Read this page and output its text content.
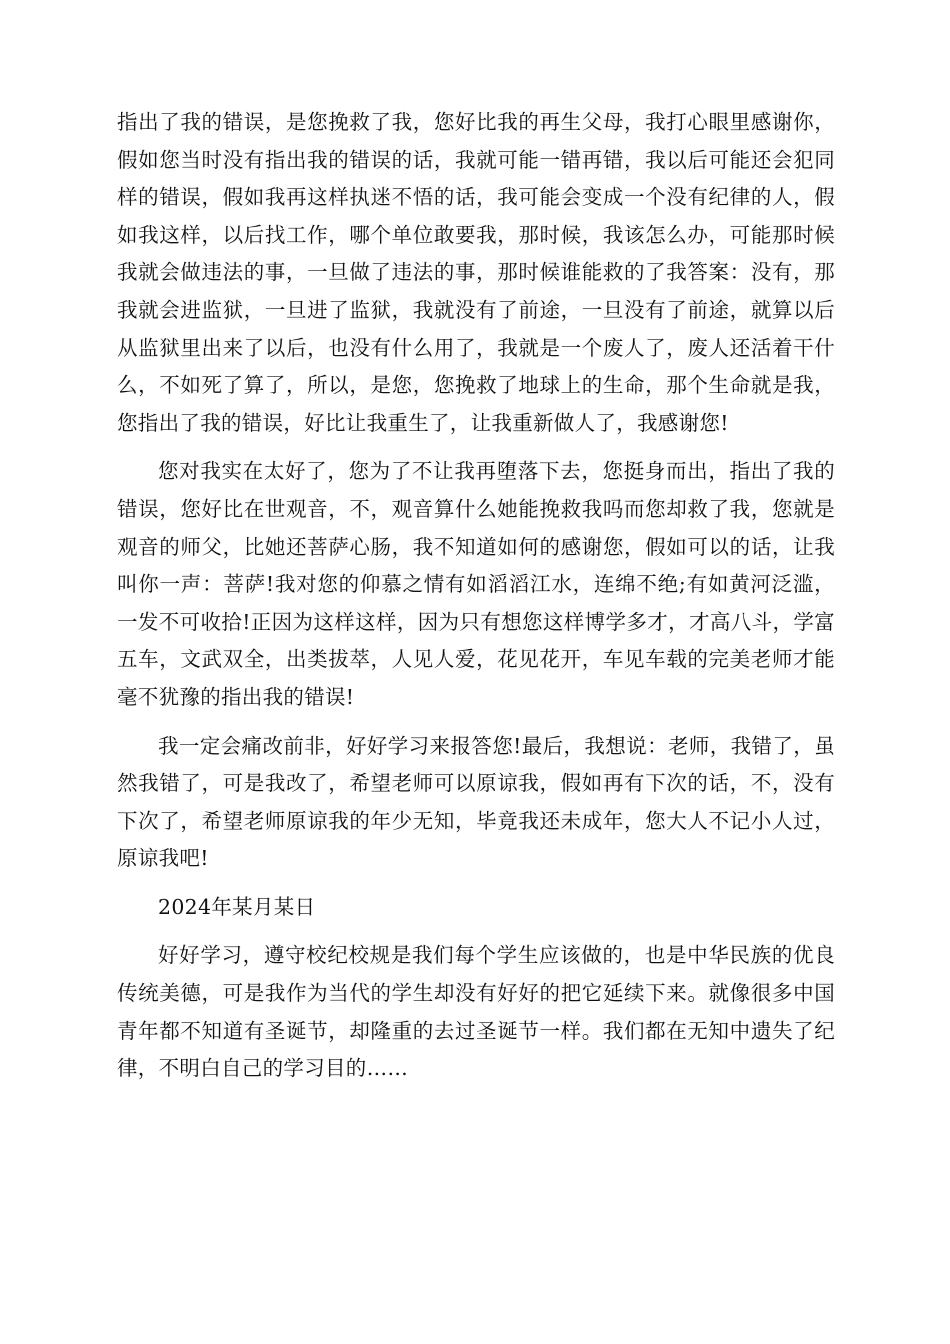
指出了我的错误，是您挽救了我，您好比我的再生父母，我打心眼里感谢你，假如您当时没有指出我的错误的话，我就可能一错再错，我以后可能还会犯同样的错误，假如我再这样执迷不悟的话，我可能会变成一个没有纪律的人，假如我这样，以后找工作，哪个单位敢要我，那时候，我该怎么办，可能那时候我就会做违法的事，一旦做了违法的事，那时候谁能救的了我答案：没有，那我就会进监狱，一旦进了监狱，我就没有了前途，一旦没有了前途，就算以后从监狱里出来了以后，也没有什么用了，我就是一个废人了，废人还活着干什么，不如死了算了，所以，是您，您挽救了地球上的生命，那个生命就是我，您指出了我的错误，好比让我重生了，让我重新做人了，我感谢您!

您对我实在太好了，您为了不让我再堕落下去，您挺身而出，指出了我的错误，您好比在世观音，不，观音算什么她能挽救我吗而您却救了我，您就是观音的师父，比她还菩萨心肠，我不知道如何的感谢您，假如可以的话，让我叫你一声：菩萨!我对您的仰慕之情有如滔滔江水，连绵不绝;有如黄河泛滥，一发不可收拾!正因为这样这样，因为只有想您这样博学多才，才高八斗，学富五车，文武双全，出类拔萃，人见人爱，花见花开，车见车载的完美老师才能毫不犹豫的指出我的错误!

我一定会痛改前非，好好学习来报答您!最后，我想说：老师，我错了，虽然我错了，可是我改了，希望老师可以原谅我，假如再有下次的话，不，没有下次了，希望老师原谅我的年少无知，毕竟我还未成年，您大人不记小人过，原谅我吧!

2024年某月某日

好好学习，遵守校纪校规是我们每个学生应该做的，也是中华民族的优良传统美德，可是我作为当代的学生却没有好好的把它延续下来。就像很多中国青年都不知道有圣诞节，却隆重的去过圣诞节一样。我们都在无知中遗失了纪律，不明白自己的学习目的……
